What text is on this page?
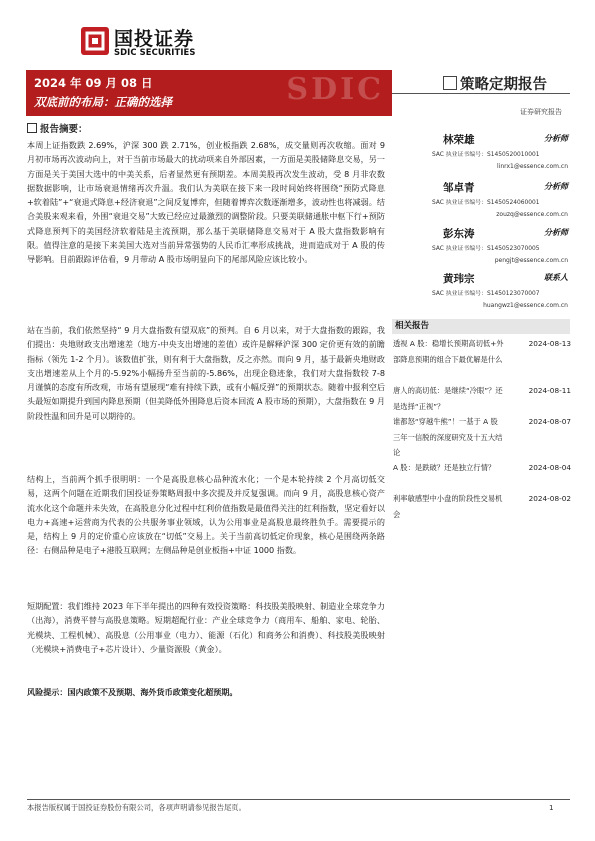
国投证券
SDIC SECURITIES
SDIC
2024 年 09 月 08 日
双底前的布局：正确的选择
策略定期报告
证券研究报告
报告摘要：

本周上证指数跌 2.69%，沪深 300 跌 2.71%，创业板指跌 2.68%，成交量则再次收缩。面对 9 月初市场再次波动向上，对于当前市场最大的扰动项来自外部因素，一方面是美股储降息交易，另一方面是关于美国大选中的中美关系，后者显然更有预期差。本周美股再次发生波动，受 8 月非农数据数据影响，让市场衰退情绪再次升温。我们认为美联在接下来一段时间始终将围绕“预防式降息+软着陆”+“衰退式降息+经济衰退”之间反复博弈，但随着博弈次数逐渐增多，波动性也将减弱。结合美股来观来看，外围“衰退交易”大致已经应过最激烈的调整阶段。只要美联储通胀中枢下行+预防式降息预判下的美国经济软着陆是主流预期，那么基于美联储降息交易对于 A 股大盘指数影响有限。值得注意的是接下来美国大选对当前异常强势的人民币汇率形成挑战，进而造成对于 A 股的传导影响。目前跟踪评估看，9 月带动 A 股市场明显向下的尾部风险应该比较小。

站在当前，我们依然坚持“ 9 月大盘指数有望双底”的预判。自 6 月以来，对于大盘指数的跟踪，我们提出：央地财政支出增速差（地方-中央支出增速的差值）或许是解释沪深 300 定价更有效的前瞻指标（领先 1-2 个月）。该数值扩张，则有利于大盘指数，反之亦然。而向 9 月，基于最新央地财政支出增速差从上个月的-5.92%小幅扬升至当前的-5.86%，出现企稳迹象，我们对大盘指数较 7-8 月谨慎的态度有所改观，市场有望展现“难有持续下跌，或有小幅反弹”的预期状态。随着中报利空后头最短如期提升到国内降息预期（但美降低外围降息后资本回流 A 股市场的预期），大盘指数在 9 月阶段性温和回升是可以期待的。

结构上，当前两个抓手很明明：一个是高股息核心品种流水化；一个是本轮持续 2 个月高切低交易，这两个问题在近期我们国投证券策略周报中多次提及并反复强调。而向 9 月，高股息核心资产流水化这个命题并未失效，在高股息分化过程中红利价值指数是最值得关注的红利指数，坚定看好以电力+高速+运营商为代表的公共服务事业领域，认为公用事业是高股息最终胜负手。需要提示的是，结构上 9 月的定价重心应该放在“切低”交易上。关于当前高切低定价现象，核心是围绕两条路径：右侧品种是电子+港股互联网；左侧品种是创业板指+中证 1000 指数。

短期配置：我们维持 2023 年下半年提出的四种有效投资策略：科技股美股映射、制造业全球竞争力（出海），消费平替与高股息策略。短期超配行业：产业全球竞争力（商用车、船舶、家电、轮胎、光模块、工程机械）、高股息（公用事业（电力）、能源（石化）和商务公和消费）、科技股美股映射（光模块+消费电子+芯片设计）、少量资源股（黄金）。

风险提示：国内政策不及预期、海外货币政策变化超预期。

林荣雄	分析师
SAC 执业证书编号：S1450520010001
linrx1@essence.com.cn
邹卓青	分析师
SAC 执业证书编号：S1450524060001
zouzq@essence.com.cn
彭东涛	分析师
SAC 执业证书编号：S1450523070005
pengjt@essence.com.cn
黄玮宗	联系人
SAC 执业证书编号：S1450123070007
huangwz1@essence.com.cn
相关报告
透视 A 股：稳增长预期高切低+外部降息预期的组合下最优解是什么
2024-08-13
唐人的高切低：是继续“冷眼”？还是选择“正视”？
2024-08-11
谁都怒“穿越牛熊”！一基于 A 股三年一信脱的深度研究及十五大结论
2024-08-07
A 股：是跌破？还是独立行情？	2024-08-04
利率敏感型中小盘的阶段性交易机会
2024-08-02
本报告版权属于国投证券股份有限公司，各项声明请参见报告尾页。	1
